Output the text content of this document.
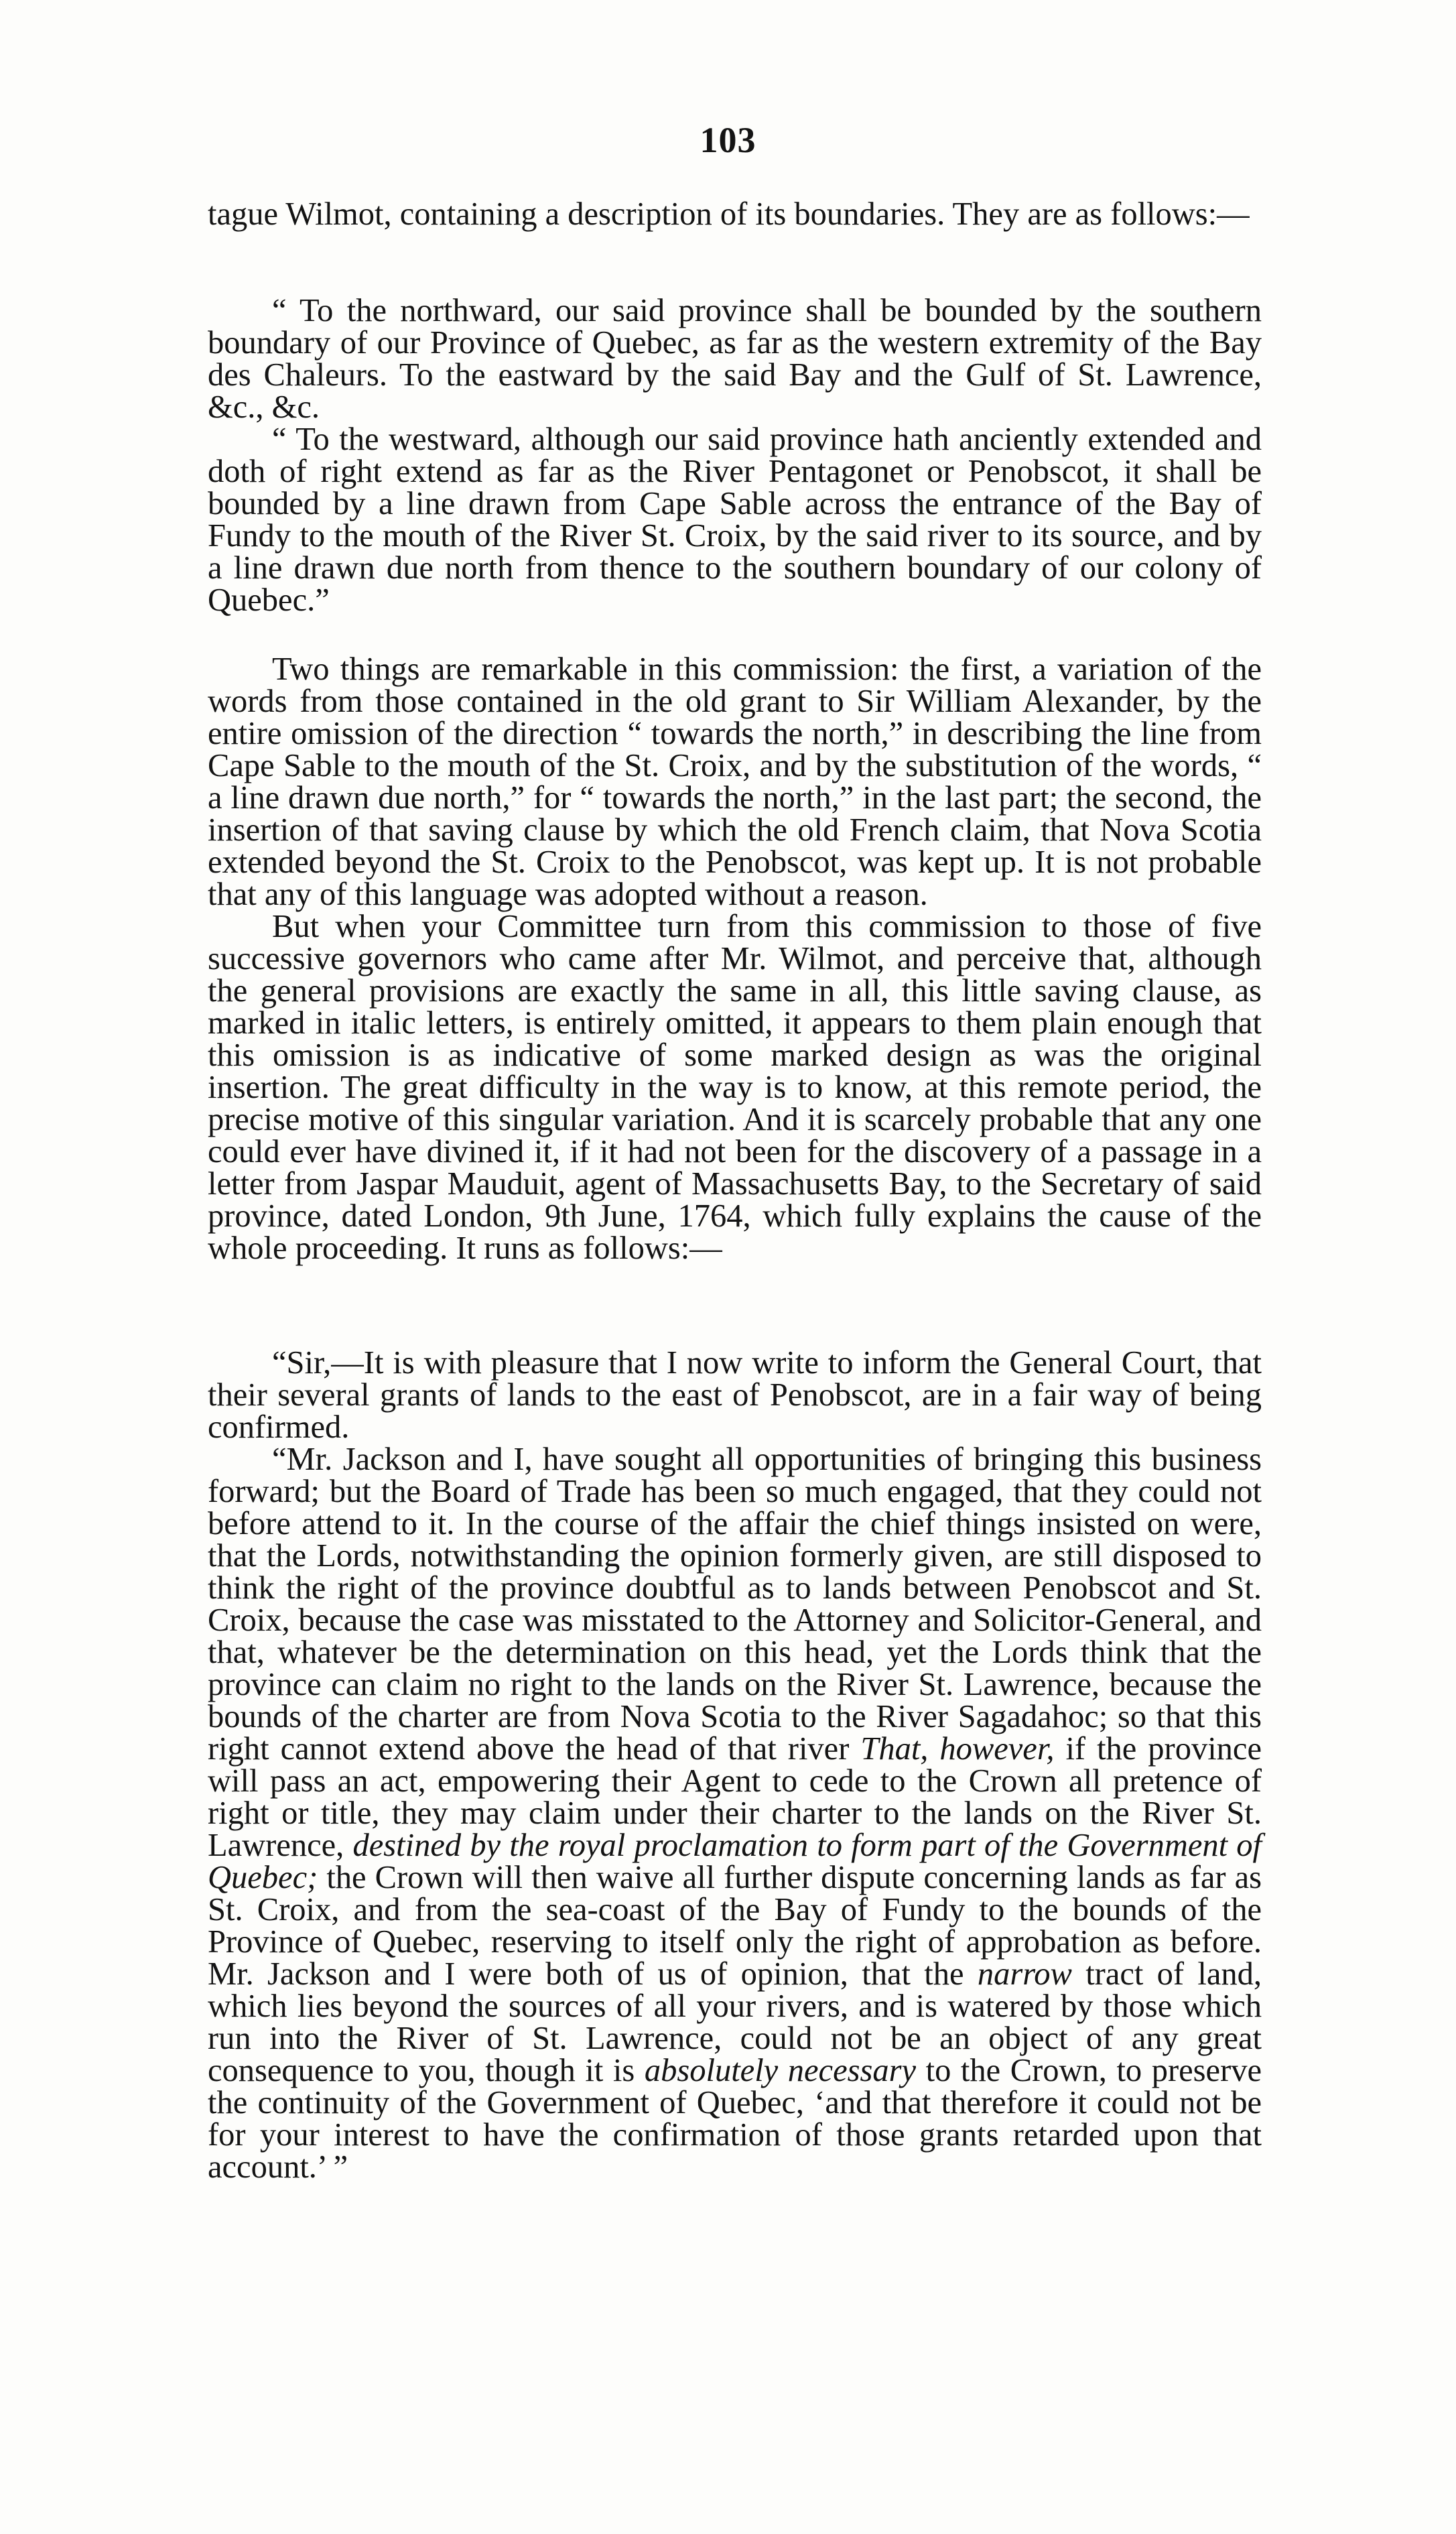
103

tague Wilmot, containing a description of its boundaries. They are as follows:—

“ To the northward, our said province shall be bounded by the southern boundary of our Province of Quebec, as far as the western extremity of the Bay des Chaleurs. To the eastward by the said Bay and the Gulf of St. Lawrence, &c., &c.

“ To the westward, although our said province hath anciently extended and doth of right extend as far as the River Pentagonet or Penobscot, it shall be bounded by a line drawn from Cape Sable across the entrance of the Bay of Fundy to the mouth of the River St. Croix, by the said river to its source, and by a line drawn due north from thence to the southern boundary of our colony of Quebec.”

Two things are remarkable in this commission: the first, a variation of the words from those contained in the old grant to Sir William Alexander, by the entire omission of the direction “ towards the north,” in describing the line from Cape Sable to the mouth of the St. Croix, and by the substitution of the words, “ a line drawn due north,” for “ towards the north,” in the last part; the second, the insertion of that saving clause by which the old French claim, that Nova Scotia extended beyond the St. Croix to the Penobscot, was kept up. It is not probable that any of this language was adopted without a reason.

But when your Committee turn from this commission to those of five successive governors who came after Mr. Wilmot, and perceive that, although the general provisions are exactly the same in all, this little saving clause, as marked in italic letters, is entirely omitted, it appears to them plain enough that this omission is as indicative of some marked design as was the original insertion. The great difficulty in the way is to know, at this remote period, the precise motive of this singular variation. And it is scarcely probable that any one could ever have divined it, if it had not been for the discovery of a passage in a letter from Jaspar Mauduit, agent of Massachusetts Bay, to the Secretary of said province, dated London, 9th June, 1764, which fully explains the cause of the whole proceeding. It runs as follows:—

“Sir,—It is with pleasure that I now write to inform the General Court, that their several grants of lands to the east of Penobscot, are in a fair way of being confirmed.

“Mr. Jackson and I, have sought all opportunities of bringing this business forward; but the Board of Trade has been so much engaged, that they could not before attend to it. In the course of the affair the chief things insisted on were, that the Lords, notwithstanding the opinion formerly given, are still disposed to think the right of the province doubtful as to lands between Penobscot and St. Croix, because the case was misstated to the Attorney and Solicitor-General, and that, whatever be the determination on this head, yet the Lords think that the province can claim no right to the lands on the River St. Lawrence, because the bounds of the charter are from Nova Scotia to the River Sagadahoc; so that this right cannot extend above the head of that river That, however, if the province will pass an act, empowering their Agent to cede to the Crown all pretence of right or title, they may claim under their charter to the lands on the River St. Lawrence, destined by the royal proclamation to form part of the Government of Quebec; the Crown will then waive all further dispute concerning lands as far as St. Croix, and from the sea-coast of the Bay of Fundy to the bounds of the Province of Quebec, reserving to itself only the right of approbation as before. Mr. Jackson and I were both of us of opinion, that the narrow tract of land, which lies beyond the sources of all your rivers, and is watered by those which run into the River of St. Lawrence, could not be an object of any great consequence to you, though it is absolutely necessary to the Crown, to preserve the continuity of the Government of Quebec, ‘and that therefore it could not be for your interest to have the confirmation of those grants retarded upon that account.’ ”
